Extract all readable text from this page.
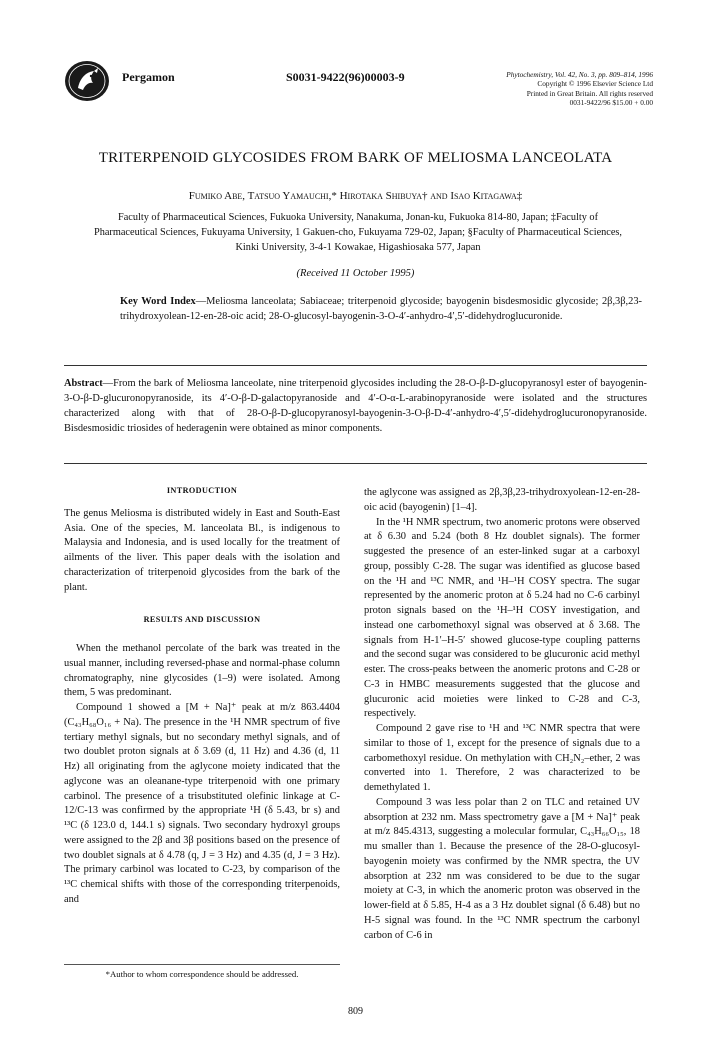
Pergamon	S0031-9422(96)00003-9	Phytochemistry, Vol. 42, No. 3, pp. 809–814, 1996
Copyright © 1996 Elsevier Science Ltd
Printed in Great Britain. All rights reserved
0031-9422/96 $15.00 + 0.00
TRITERPENOID GLYCOSIDES FROM BARK OF MELIOSMA LANCEOLATA
Fumiko Abe, Tatsuo Yamauchi,* Hirotaka Shibuya† and Isao Kitagawa‡
Faculty of Pharmaceutical Sciences, Fukuoka University, Nanakuma, Jonan-ku, Fukuoka 814-80, Japan; ‡Faculty of Pharmaceutical Sciences, Fukuyama University, 1 Gakuen-cho, Fukuyama 729-02, Japan; §Faculty of Pharmaceutical Sciences, Kinki University, 3-4-1 Kowakae, Higashiosaka 577, Japan
(Received 11 October 1995)
Key Word Index—Meliosma lanceolata; Sabiaceae; triterpenoid glycoside; bayogenin bisdesmosidic glycoside; 2β,3β,23-trihydroxyolean-12-en-28-oic acid; 28-O-glucosyl-bayogenin-3-O-4′-anhydro-4′,5′-didehydroglucuronide.
Abstract—From the bark of Meliosma lanceolate, nine triterpenoid glycosides including the 28-O-β-D-glucopyranosyl ester of bayogenin-3-O-β-D-glucuronopyranoside, its 4′-O-β-D-galactopyranoside and 4′-O-α-L-arabinopyranoside were isolated and the structures characterized along with that of 28-O-β-D-glucopyranosyl-bayogenin-3-O-β-D-4′-anhydro-4′,5′-didehydroglucuronopyranoside. Bisdesmosidic triosides of hederagenin were obtained as minor components.
INTRODUCTION

The genus Meliosma is distributed widely in East and South-East Asia. One of the species, M. lanceolata Bl., is indigenous to Malaysia and Indonesia, and is used locally for the treatment of ailments of the liver. This paper deals with the isolation and characterization of triterpenoid glycosides from the bark of the plant.

RESULTS AND DISCUSSION

When the methanol percolate of the bark was treated in the usual manner, including reversed-phase and normal-phase column chromatography, nine glycosides (1–9) were isolated. Among them, 5 was predominant.

Compound 1 showed a [M + Na]⁺ peak at m/z 863.4404 (C₄₃H₆₈O₁₆ + Na). The presence in the ¹H NMR spectrum of five tertiary methyl signals, but no secondary methyl signals, and of two doublet proton signals at δ 3.69 (d, 11 Hz) and 4.36 (d, 11 Hz) all originating from the aglycone moiety indicated that the aglycone was an oleanane-type triterpenoid with one primary carbinol. The presence of a trisubstituted olefinic linkage at C-12/C-13 was confirmed by the appropriate ¹H (δ 5.43, br s) and ¹³C (δ 123.0 d, 144.1 s) signals. Two secondary hydroxyl groups were assigned to the 2β and 3β positions based on the presence of two doublet signals at δ 4.78 (q, J = 3 Hz) and 4.35 (d, J = 3 Hz). The primary carbinol was located to C-23, by comparison of the ¹³C chemical shifts with those of the corresponding triterpenoids, and

the aglycone was assigned as 2β,3β,23-trihydroxyolean-12-en-28-oic acid (bayogenin) [1–4].

In the ¹H NMR spectrum, two anomeric protons were observed at δ 6.30 and 5.24 (both 8 Hz doublet signals). The former suggested the presence of an ester-linked sugar at a carboxyl group, possibly C-28. The sugar was identified as glucose based on the ¹H and ¹³C NMR, and ¹H–¹H COSY spectra. The sugar represented by the anomeric proton at δ 5.24 had no C-6 carbinyl proton signals based on the ¹H–¹H COSY investigation, and instead one carbomethoxyl signal was observed at δ 3.68. The signals from H-1′–H-5′ showed glucose-type coupling patterns and the second sugar was considered to be glucuronic acid methyl ester. The cross-peaks between the anomeric protons and C-28 or C-3 in HMBC measurements suggested that the glucose and glucuronic acid moieties were linked to C-28 and C-3, respectively.

Compound 2 gave rise to ¹H and ¹³C NMR spectra that were similar to those of 1, except for the presence of signals due to a carbomethoxyl residue. On methylation with CH₂N₂–ether, 2 was converted into 1. Therefore, 2 was characterized to be demethylated 1.

Compound 3 was less polar than 2 on TLC and retained UV absorption at 232 nm. Mass spectrometry gave a [M + Na]⁺ peak at m/z 845.4313, suggesting a molecular formular, C₄₃H₆₆O₁₅, 18 mu smaller than 1. Because the presence of the 28-O-glucosyl-bayogenin moiety was confirmed by the NMR spectra, the UV absorption at 232 nm was considered to be due to the sugar moiety at C-3, in which the anomeric proton was observed in the lower-field at δ 5.85, H-4 as a 3 Hz doublet signal (δ 6.48) but no H-5 signal was found. In the ¹³C NMR spectrum the carbonyl carbon of C-6 in

*Author to whom correspondence should be addressed.
809
